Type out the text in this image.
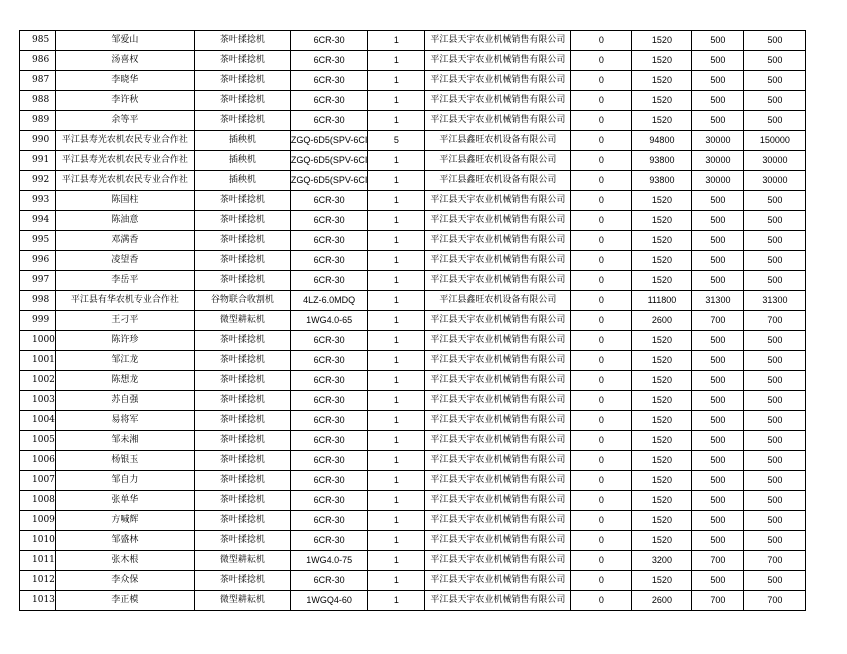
985	邹爱山	茶叶揉捻机	6CR-30	1	平江县天宇农业机械销售有限公司	0	1520	500	500
986	汤喜权	茶叶揉捻机	6CR-30	1	平江县天宇农业机械销售有限公司	0	1520	500	500
987	李晓华	茶叶揉捻机	6CR-30	1	平江县天宇农业机械销售有限公司	0	1520	500	500
988	李许秋	茶叶揉捻机	6CR-30	1	平江县天宇农业机械销售有限公司	0	1520	500	500
989	余等平	茶叶揉捻机	6CR-30	1	平江县天宇农业机械销售有限公司	0	1520	500	500
990	平江县寿光农机农民专业合作社	插秧机	ZGQ-6D5(SPV-6CI	5	平江县鑫旺农机设备有限公司	0	94800	30000	150000
991	平江县寿光农机农民专业合作社	插秧机	ZGQ-6D5(SPV-6CI	1	平江县鑫旺农机设备有限公司	0	93800	30000	30000
992	平江县寿光农机农民专业合作社	插秧机	ZGQ-6D5(SPV-6CI	1	平江县鑫旺农机设备有限公司	0	93800	30000	30000
993	陈国柱	茶叶揉捻机	6CR-30	1	平江县天宇农业机械销售有限公司	0	1520	500	500
994	陈油意	茶叶揉捻机	6CR-30	1	平江县天宇农业机械销售有限公司	0	1520	500	500
995	邓满香	茶叶揉捻机	6CR-30	1	平江县天宇农业机械销售有限公司	0	1520	500	500
996	凌望香	茶叶揉捻机	6CR-30	1	平江县天宇农业机械销售有限公司	0	1520	500	500
997	李岳平	茶叶揉捻机	6CR-30	1	平江县天宇农业机械销售有限公司	0	1520	500	500
998	平江县有华农机专业合作社	谷物联合收割机	4LZ-6.0MDQ	1	平江县鑫旺农机设备有限公司	0	111800	31300	31300
999	王刁平	微型耕耘机	1WG4.0-65	1	平江县天宇农业机械销售有限公司	0	2600	700	700
1000	陈许珍	茶叶揉捻机	6CR-30	1	平江县天宇农业机械销售有限公司	0	1520	500	500
1001	邹江龙	茶叶揉捻机	6CR-30	1	平江县天宇农业机械销售有限公司	0	1520	500	500
1002	陈想龙	茶叶揉捻机	6CR-30	1	平江县天宇农业机械销售有限公司	0	1520	500	500
1003	苏自强	茶叶揉捻机	6CR-30	1	平江县天宇农业机械销售有限公司	0	1520	500	500
1004	易将军	茶叶揉捻机	6CR-30	1	平江县天宇农业机械销售有限公司	0	1520	500	500
1005	邹未湘	茶叶揉捻机	6CR-30	1	平江县天宇农业机械销售有限公司	0	1520	500	500
1006	杨银玉	茶叶揉捻机	6CR-30	1	平江县天宇农业机械销售有限公司	0	1520	500	500
1007	邹自力	茶叶揉捻机	6CR-30	1	平江县天宇农业机械销售有限公司	0	1520	500	500
1008	张单华	茶叶揉捻机	6CR-30	1	平江县天宇农业机械销售有限公司	0	1520	500	500
1009	方喊辉	茶叶揉捻机	6CR-30	1	平江县天宇农业机械销售有限公司	0	1520	500	500
1010	邹盛林	茶叶揉捻机	6CR-30	1	平江县天宇农业机械销售有限公司	0	1520	500	500
1011	张木根	微型耕耘机	1WG4.0-75	1	平江县天宇农业机械销售有限公司	0	3200	700	700
1012	李众保	茶叶揉捻机	6CR-30	1	平江县天宇农业机械销售有限公司	0	1520	500	500
1013	李正模	微型耕耘机	1WGQ4-60	1	平江县天宇农业机械销售有限公司	0	2600	700	700
